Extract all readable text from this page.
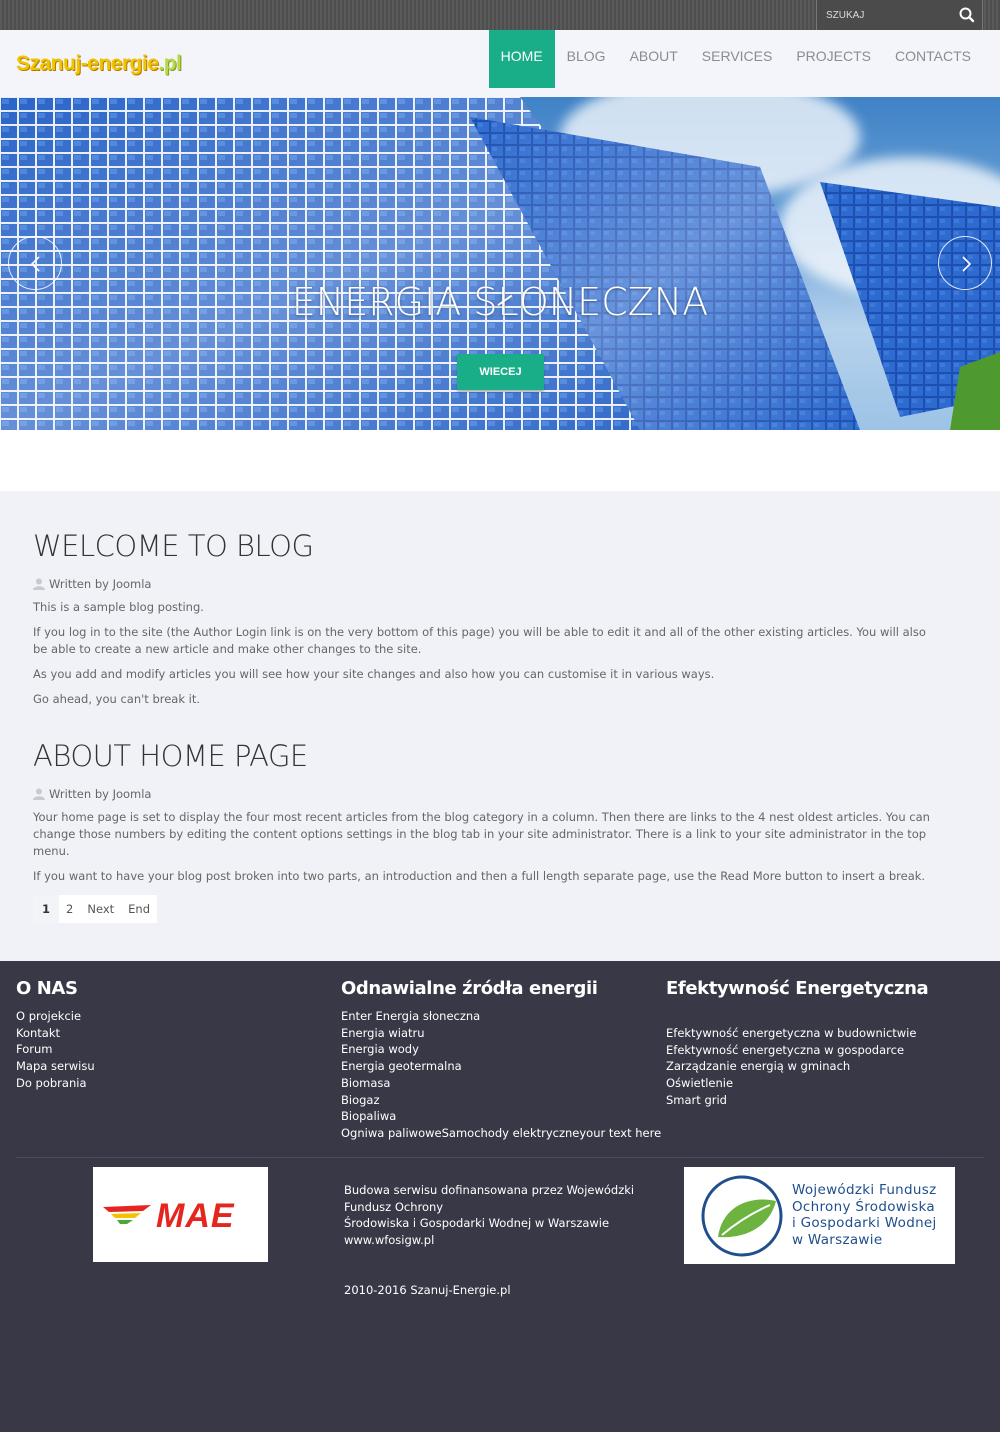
SZUKAJ
Szanuj-energie.pl	HOME	BLOG	ABOUT	SERVICES	PROJECTS	CONTACTS
ENERGIA SŁONECZNA
WIECEJ
WELCOME TO BLOG
Written by Joomla

This is a sample blog posting.

If you log in to the site (the Author Login link is on the very bottom of this page) you will be able to edit it and all of the other existing articles. You will also be able to create a new article and make other changes to the site.

As you add and modify articles you will see how your site changes and also how you can customise it in various ways.

Go ahead, you can't break it.

ABOUT HOME PAGE
Written by Joomla

Your home page is set to display the four most recent articles from the blog category in a column. Then there are links to the 4 nest oldest articles. You can change those numbers by editing the content options settings in the blog tab in your site administrator. There is a link to your site administrator in the top menu.

If you want to have your blog post broken into two parts, an introduction and then a full length separate page, use the Read More button to insert a break.

1	2	Next	End
O NAS
O projekcie
Kontakt
Forum
Mapa serwisu
Do pobrania
Odnawialne źródła energii
Enter Energia słoneczna
Energia wiatru
Energia wody
Energia geotermalna
Biomasa
Biogaz
Biopaliwa
Ogniwa paliwoweSamochody elektryczneyour text here
Efektywność Energetyczna
Efektywność energetyczna w budownictwie
Efektywność energetyczna w gospodarce
Zarządzanie energią w gminach
Oświetlenie
Smart grid
MAE
Budowa serwisu dofinansowana przez Wojewódzki
Fundusz Ochrony
Środowiska i Gospodarki Wodnej w Warszawie
www.wfosigw.pl
2010-2016 Szanuj-Energie.pl
Wojewódzki Fundusz
Ochrony Środowiska
i Gospodarki Wodnej
w Warszawie
